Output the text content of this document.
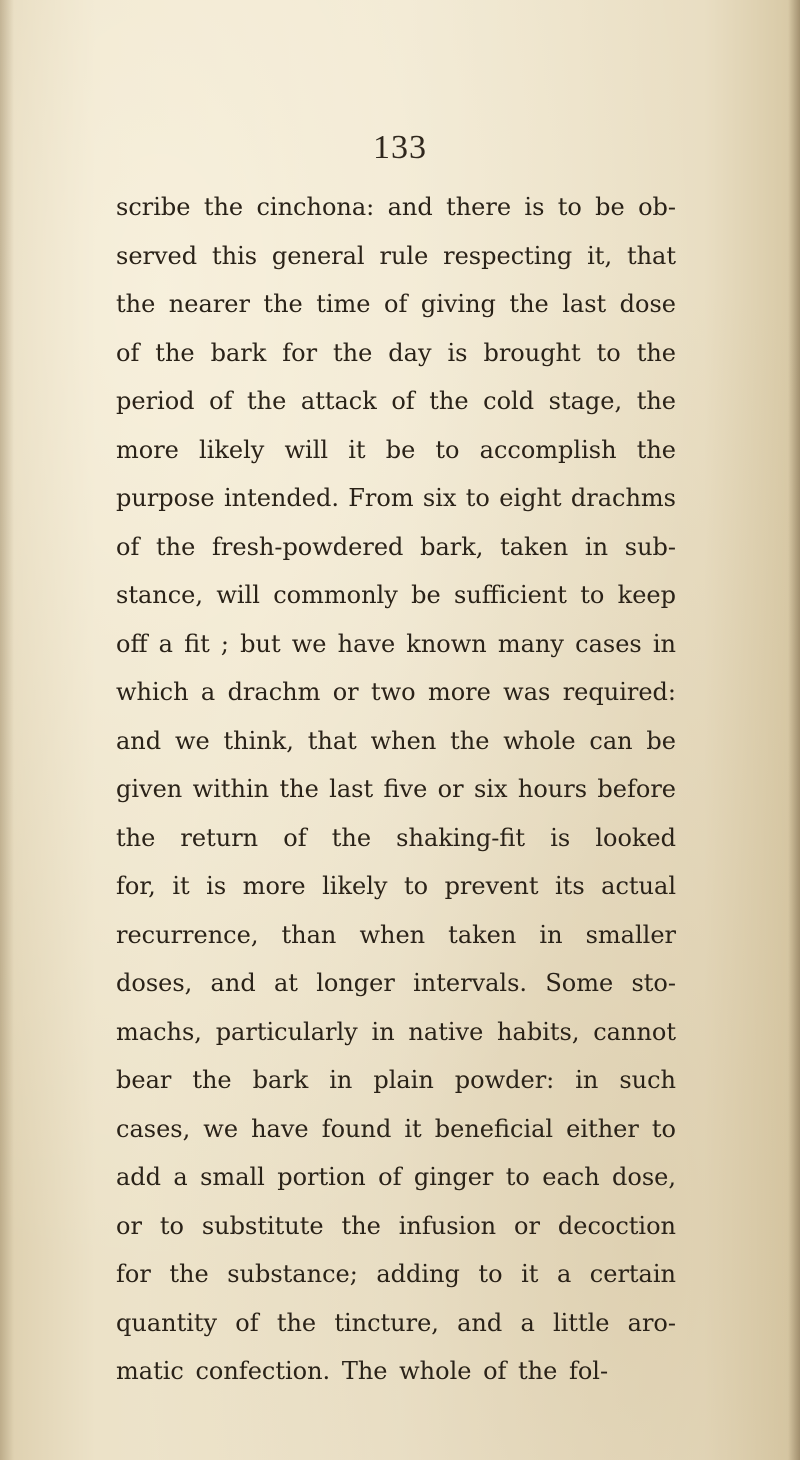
133
scribe the cinchona: and there is to be ob-
served this general rule respecting it, that
the nearer the time of giving the last dose
of the bark for the day is brought to the
period of the attack of the cold stage, the
more likely will it be to accomplish the
purpose intended. From six to eight drachms
of the fresh-powdered bark, taken in sub-
stance, will commonly be sufficient to keep
off a fit ; but we have known many cases in
which a drachm or two more was required:
and we think, that when the whole can be
given within the last five or six hours before
the return of the shaking-fit is looked
for, it is more likely to prevent its actual
recurrence, than when taken in smaller
doses, and at longer intervals. Some sto-
machs, particularly in native habits, cannot
bear the bark in plain powder: in such
cases, we have found it beneficial either to
add a small portion of ginger to each dose,
or to substitute the infusion or decoction
for the substance; adding to it a certain
quantity of the tincture, and a little aro-
matic confection. The whole of the fol-
